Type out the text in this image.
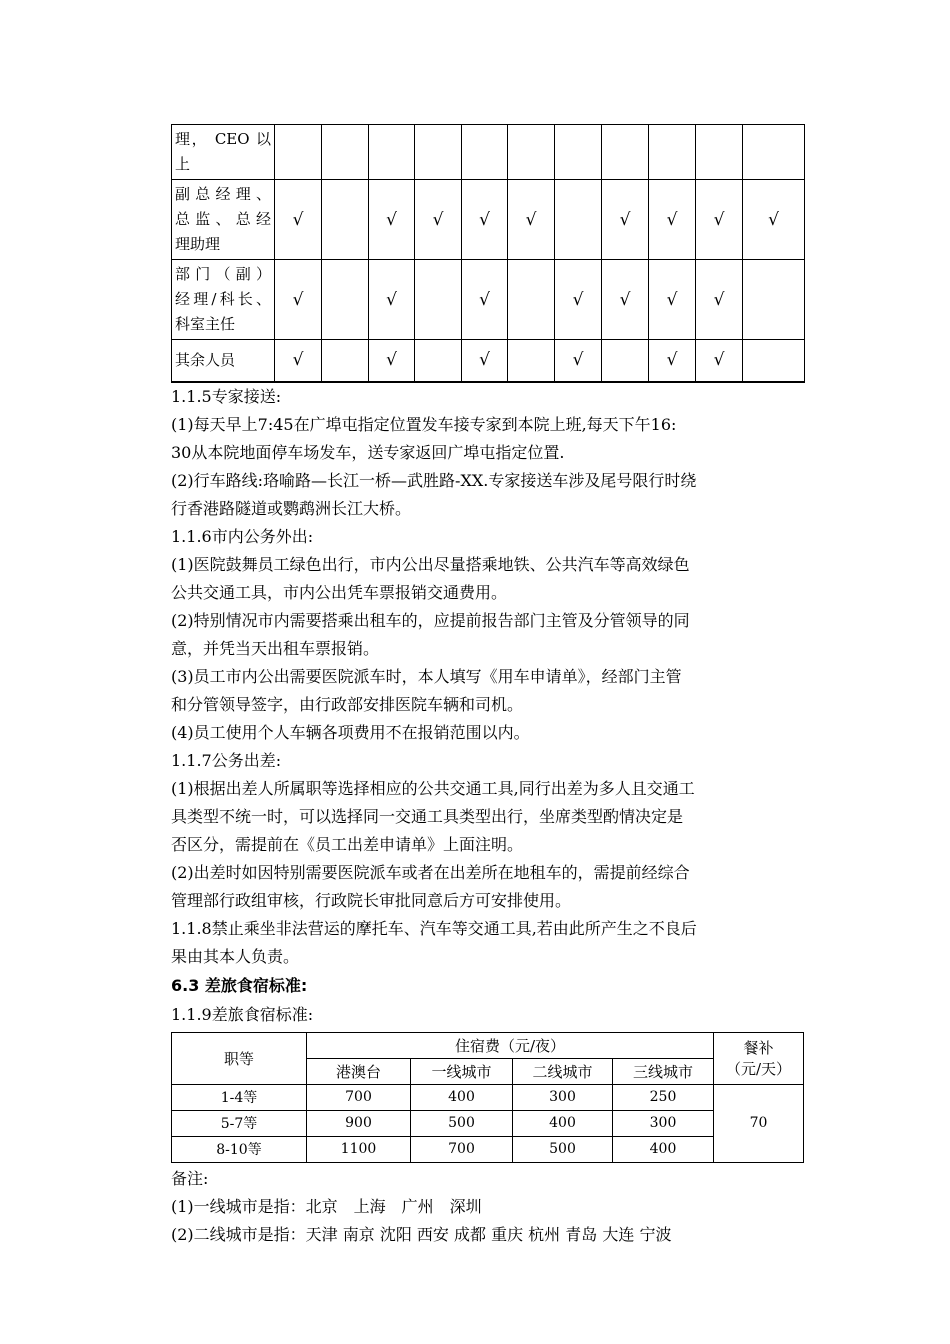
理， CEO 以
上											

副总经理、
总监、总经
理助理	√		√	√	√	√		√	√	√	√

部门（副）
经理/科长、
科室主任	√		√		√		√	√	√	√	

其余人员	√		√		√		√		√	√	
1.1.5专家接送:
(1)每天早上7:45在广埠屯指定位置发车接专家到本院上班,每天下午16:
30从本院地面停车场发车，送专家返回广埠屯指定位置.
(2)行车路线:珞喻路—长江一桥—武胜路-XX.专家接送车涉及尾号限行时绕
行香港路隧道或鹦鹉洲长江大桥。
1.1.6市内公务外出:
(1)医院鼓舞员工绿色出行，市内公出尽量搭乘地铁、公共汽车等高效绿色
公共交通工具，市内公出凭车票报销交通费用。
(2)特别情况市内需要搭乘出租车的，应提前报告部门主管及分管领导的同
意，并凭当天出租车票报销。
(3)员工市内公出需要医院派车时，本人填写《用车申请单》，经部门主管
和分管领导签字，由行政部安排医院车辆和司机。
(4)员工使用个人车辆各项费用不在报销范围以内。
1.1.7公务出差:
(1)根据出差人所属职等选择相应的公共交通工具,同行出差为多人且交通工
具类型不统一时，可以选择同一交通工具类型出行，坐席类型酌情决定是
否区分，需提前在《员工出差申请单》上面注明。
(2)出差时如因特别需要医院派车或者在出差所在地租车的，需提前经综合
管理部行政组审核，行政院长审批同意后方可安排使用。
1.1.8禁止乘坐非法营运的摩托车、汽车等交通工具,若由此所产生之不良后
果由其本人负责。
6.3 差旅食宿标准:
1.1.9差旅食宿标准:
职等	住宿费（元/夜）				餐补
（元/天）

	港澳台	一线城市	二线城市	三线城市	
1-4等	700	400	300	250	70
5-7等	900	500	400	300	
8-10等	1100	700	500	400	
备注:
(1)一线城市是指：北京　上海　广州　深圳
(2)二线城市是指：天津 南京 沈阳 西安 成都 重庆 杭州 青岛 大连 宁波
